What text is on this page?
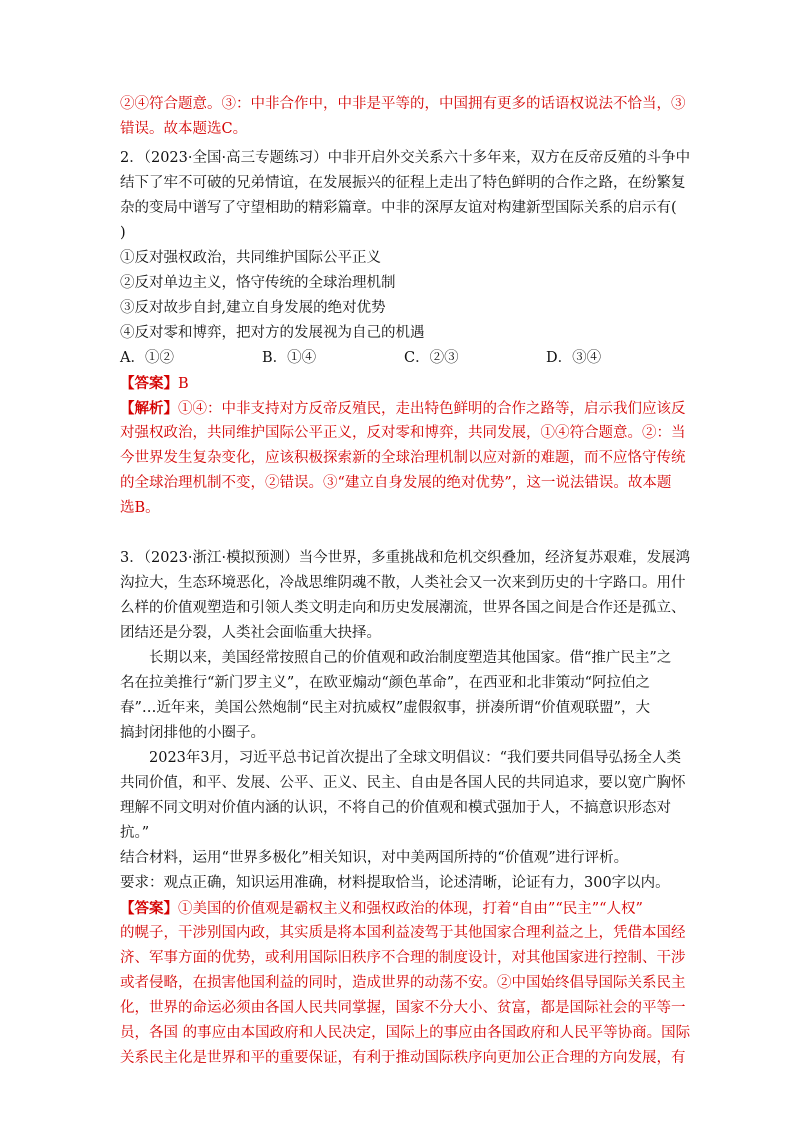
②④符合题意。③：中非合作中，中非是平等的，中国拥有更多的话语权说法不恰当，③
错误。故本题选C。
2．（2023·全国·高三专题练习）中非开启外交关系六十多年来，双方在反帝反殖的斗争中
结下了牢不可破的兄弟情谊，在发展振兴的征程上走出了特色鲜明的合作之路，在纷繁复
杂的变局中谱写了守望相助的精彩篇章。中非的深厚友谊对构建新型国际关系的启示有(
)
①反对强权政治，共同维护国际公平正义
②反对单边主义，恪守传统的全球治理机制
③反对故步自封,建立自身发展的绝对优势
④反对零和博弈，把对方的发展视为自己的机遇
A．①②	B．①④	C．②③	D．③④
【答案】B
【解析】①④：中非支持对方反帝反殖民，走出特色鲜明的合作之路等，启示我们应该反
对强权政治，共同维护国际公平正义，反对零和博弈，共同发展，①④符合题意。②：当
今世界发生复杂变化，应该积极探索新的全球治理机制以应对新的难题，而不应恪守传统
的全球治理机制不变，②错误。③“建立自身发展的绝对优势”，这一说法错误。故本题
选B。
3．（2023·浙江·模拟预测）当今世界，多重挑战和危机交织叠加，经济复苏艰难，发展鸿
沟拉大，生态环境恶化，冷战思维阴魂不散，人类社会又一次来到历史的十字路口。用什
么样的价值观塑造和引领人类文明走向和历史发展潮流，世界各国之间是合作还是孤立、
团结还是分裂，人类社会面临重大抉择。
长期以来，美国经常按照自己的价值观和政治制度塑造其他国家。借“推广民主”之
名在拉美推行“新门罗主义”，在欧亚煽动“颜色革命”，在西亚和北非策动“阿拉伯之
春”…近年来，美国公然炮制“民主对抗威权”虚假叙事，拼凑所谓“价值观联盟”，大
搞封闭排他的小圈子。
2023年3月，习近平总书记首次提出了全球文明倡议：“我们要共同倡导弘扬全人类
共同价值，和平、发展、公平、正义、民主、自由是各国人民的共同追求，要以宽广胸怀
理解不同文明对价值内涵的认识，不将自己的价值观和模式强加于人，不搞意识形态对
抗。”
结合材料，运用“世界多极化”相关知识，对中美两国所持的“价值观”进行评析。
要求：观点正确，知识运用准确，材料提取恰当，论述清晰，论证有力，300字以内。
【答案】①美国的价值观是霸权主义和强权政治的体现，打着“自由”“民主”“人权”
的幌子，干涉别国内政，其实质是将本国利益凌驾于其他国家合理利益之上，凭借本国经
济、军事方面的优势，或利用国际旧秩序不合理的制度设计，对其他国家进行控制、干涉
或者侵略，在损害他国利益的同时，造成世界的动荡不安。②中国始终倡导国际关系民主
化，世界的命运必须由各国人民共同掌握，国家不分大小、贫富，都是国际社会的平等一
员，各国 的事应由本国政府和人民决定，国际上的事应由各国政府和人民平等协商。国际
关系民主化是世界和平的重要保证，有利于推动国际秩序向更加公正合理的方向发展，有
